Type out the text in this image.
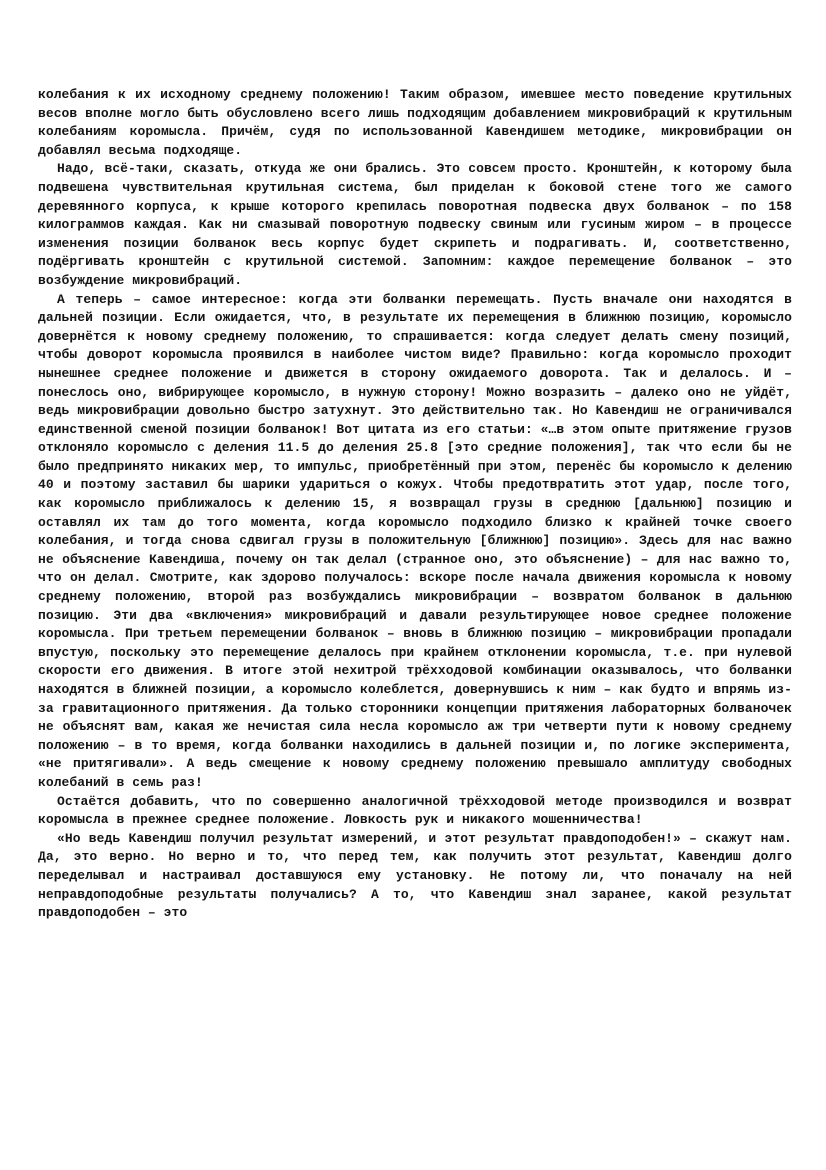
колебания к их исходному среднему положению! Таким образом, имевшее место поведение крутильных весов вполне могло быть обусловлено всего лишь подходящим добавлением микровибраций к крутильным колебаниям коромысла. Причём, судя по использованной Кавендишем методике, микровибрации он добавлял весьма подходяще.

Надо, всё-таки, сказать, откуда же они брались. Это совсем просто. Кронштейн, к которому была подвешена чувствительная крутильная система, был приделан к боковой стене того же самого деревянного корпуса, к крыше которого крепилась поворотная подвеска двух болванок – по 158 килограммов каждая. Как ни смазывай поворотную подвеску свиным или гусиным жиром – в процессе изменения позиции болванок весь корпус будет скрипеть и подрагивать. И, соответственно, подёргивать кронштейн с крутильной системой. Запомним: каждое перемещение болванок – это возбуждение микровибраций.

А теперь – самое интересное: когда эти болванки перемещать. Пусть вначале они находятся в дальней позиции. Если ожидается, что, в результате их перемещения в ближнюю позицию, коромысло довернётся к новому среднему положению, то спрашивается: когда следует делать смену позиций, чтобы доворот коромысла проявился в наиболее чистом виде? Правильно: когда коромысло проходит нынешнее среднее положение и движется в сторону ожидаемого доворота. Так и делалось. И – понеслось оно, вибрирующее коромысло, в нужную сторону! Можно возразить – далеко оно не уйдёт, ведь микровибрации довольно быстро затухнут. Это действительно так. Но Кавендиш не ограничивался единственной сменой позиции болванок! Вот цитата из его статьи: «…в этом опыте притяжение грузов отклоняло коромысло с деления 11.5 до деления 25.8 [это средние положения], так что если бы не было предпринято никаких мер, то импульс, приобретённый при этом, перенёс бы коромысло к делению 40 и поэтому заставил бы шарики удариться о кожух. Чтобы предотвратить этот удар, после того, как коромысло приближалось к делению 15, я возвращал грузы в среднюю [дальнюю] позицию и оставлял их там до того момента, когда коромысло подходило близко к крайней точке своего колебания, и тогда снова сдвигал грузы в положительную [ближнюю] позицию». Здесь для нас важно не объяснение Кавендиша, почему он так делал (странное оно, это объяснение) – для нас важно то, что он делал. Смотрите, как здорово получалось: вскоре после начала движения коромысла к новому среднему положению, второй раз возбуждались микровибрации – возвратом болванок в дальнюю позицию. Эти два «включения» микровибраций и давали результирующее новое среднее положение коромысла. При третьем перемещении болванок – вновь в ближнюю позицию – микровибрации пропадали впустую, поскольку это перемещение делалось при крайнем отклонении коромысла, т.е. при нулевой скорости его движения. В итоге этой нехитрой трёхходовой комбинации оказывалось, что болванки находятся в ближней позиции, а коромысло колеблется, довернувшись к ним – как будто и впрямь из-за гравитационного притяжения. Да только сторонники концепции притяжения лабораторных болваночек не объяснят вам, какая же нечистая сила несла коромысло аж три четверти пути к новому среднему положению – в то время, когда болванки находились в дальней позиции и, по логике эксперимента, «не притягивали». А ведь смещение к новому среднему положению превышало амплитуду свободных колебаний в семь раз!

Остаётся добавить, что по совершенно аналогичной трёхходовой методе производился и возврат коромысла в прежнее среднее положение. Ловкость рук и никакого мошенничества!

«Но ведь Кавендиш получил результат измерений, и этот результат правдоподобен!» – скажут нам. Да, это верно. Но верно и то, что перед тем, как получить этот результат, Кавендиш долго переделывал и настраивал доставшуюся ему установку. Не потому ли, что поначалу на ней неправдоподобные результаты получались? А то, что Кавендиш знал заранее, какой результат правдоподобен – это
